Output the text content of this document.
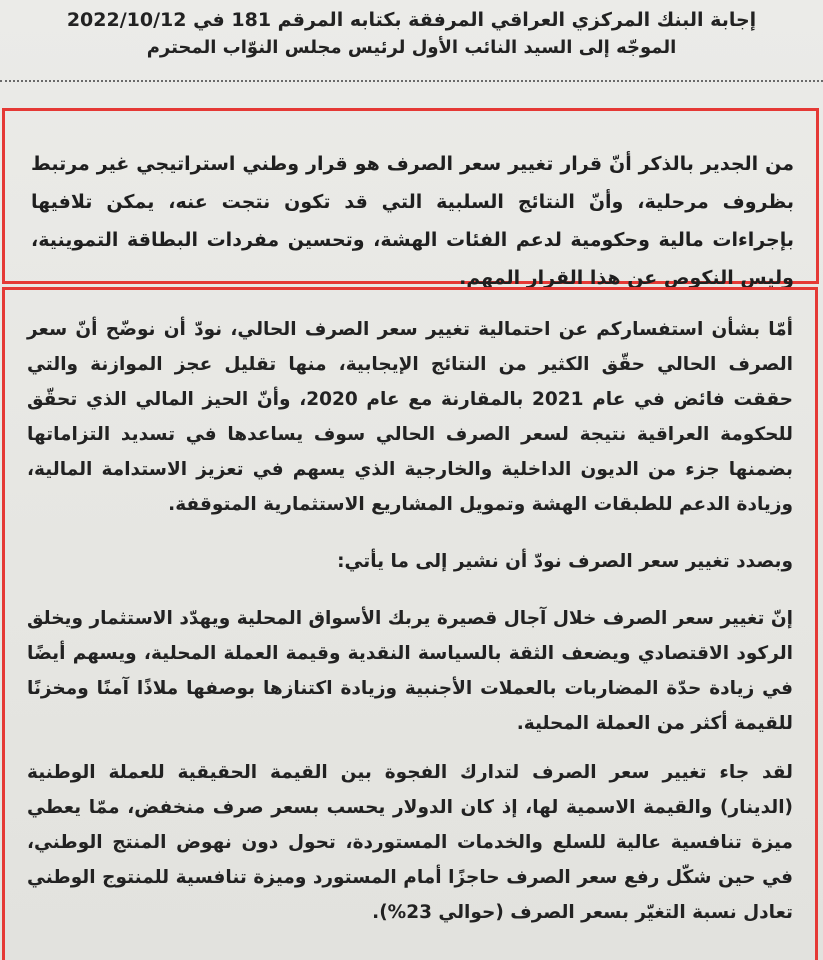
إجابة البنك المركزي العراقي المرفقة بكتابه المرقم 181 في 2022/10/12
الموجّه إلى السيد النائب الأول لرئيس مجلس النوّاب المحترم

من الجدير بالذكر أنّ قرار تغيير سعر الصرف هو قرار وطني استراتيجي غير مرتبط بظروف مرحلية، وأنّ النتائج السلبية التي قد تكون نتجت عنه، يمكن تلافيها بإجراءات مالية وحكومية لدعم الفئات الهشة، وتحسين مفردات البطاقة التموينية، وليس النكوص عن هذا القرار المهم.

أمّا بشأن استفساركم عن احتمالية تغيير سعر الصرف الحالي، نودّ أن نوضّح أنّ سعر الصرف الحالي حقّق الكثير من النتائج الإيجابية، منها تقليل عجز الموازنة والتي حققت فائض في عام 2021 بالمقارنة مع عام 2020، وأنّ الحيز المالي الذي تحقّق للحكومة العراقية نتيجة لسعر الصرف الحالي سوف يساعدها في تسديد التزاماتها بضمنها جزء من الديون الداخلية والخارجية الذي يسهم في تعزيز الاستدامة المالية، وزيادة الدعم للطبقات الهشة وتمويل المشاريع الاستثمارية المتوقفة.

وبصدد تغيير سعر الصرف نودّ أن نشير إلى ما يأتي:

إنّ تغيير سعر الصرف خلال آجال قصيرة يربك الأسواق المحلية ويهدّد الاستثمار ويخلق الركود الاقتصادي ويضعف الثقة بالسياسة النقدية وقيمة العملة المحلية، ويسهم أيضًا في زيادة حدّة المضاربات بالعملات الأجنبية وزيادة اكتنازها بوصفها ملاذًا آمنًا ومخزنًا للقيمة أكثر من العملة المحلية.

لقد جاء تغيير سعر الصرف لتدارك الفجوة بين القيمة الحقيقية للعملة الوطنية (الدينار) والقيمة الاسمية لها، إذ كان الدولار يحسب بسعر صرف منخفض، ممّا يعطي ميزة تنافسية عالية للسلع والخدمات المستوردة، تحول دون نهوض المنتج الوطني، في حين شكّل رفع سعر الصرف حاجزًا أمام المستورد وميزة تنافسية للمنتوج الوطني تعادل نسبة التغيّر بسعر الصرف (حوالي 23%).
